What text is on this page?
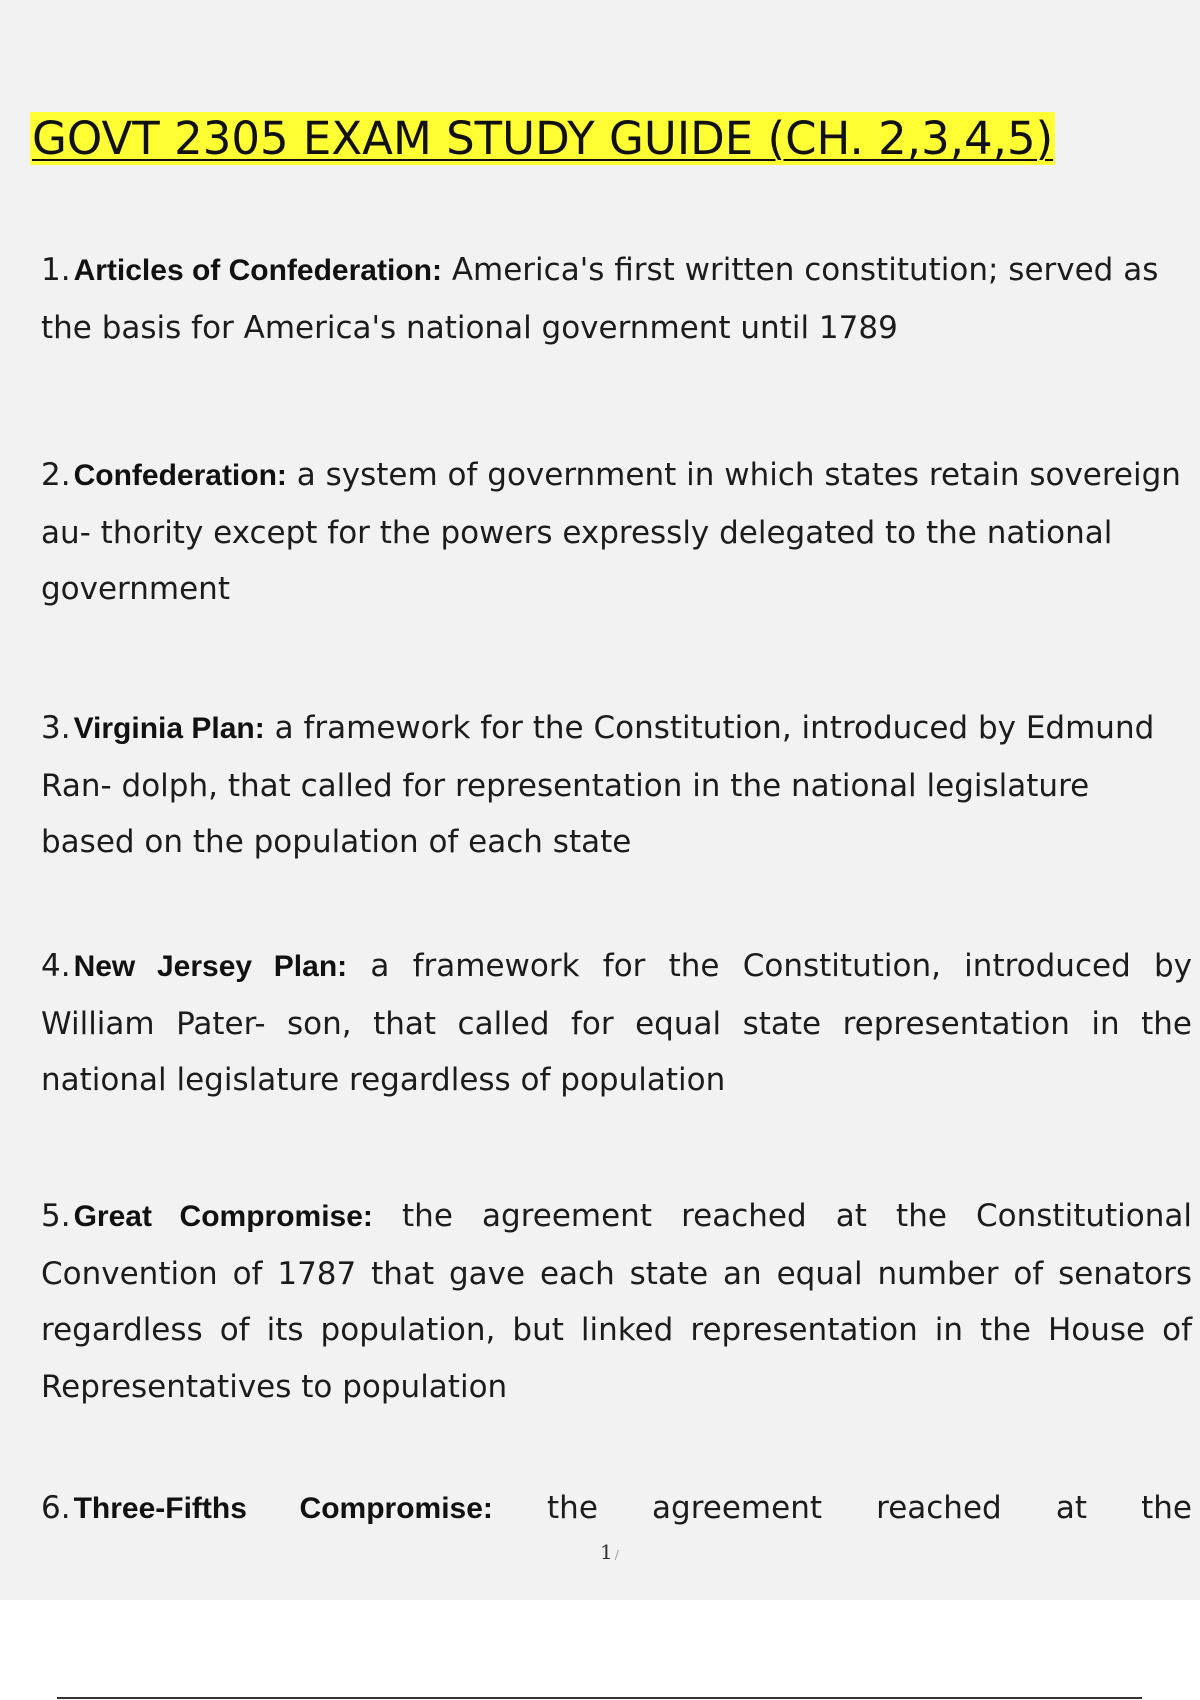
GOVT 2305 EXAM STUDY GUIDE (CH. 2,3,4,5)

1. Articles of Confederation: America's first written constitution; served as the basis for America's national government until 1789

2. Confederation: a system of government in which states retain sovereign au- thority except for the powers expressly delegated to the national government

3. Virginia Plan: a framework for the Constitution, introduced by Edmund Ran- dolph, that called for representation in the national legislature based on the population of each state

4. New Jersey Plan: a framework for the Constitution, introduced by William Pater- son, that called for equal state representation in the national legislature regardless of population

5. Great Compromise: the agreement reached at the Constitutional Convention of 1787 that gave each state an equal number of senators regardless of its population, but linked representation in the House of Representatives to population

6. Three-Fifths Compromise: the agreement reached at the

1 /
